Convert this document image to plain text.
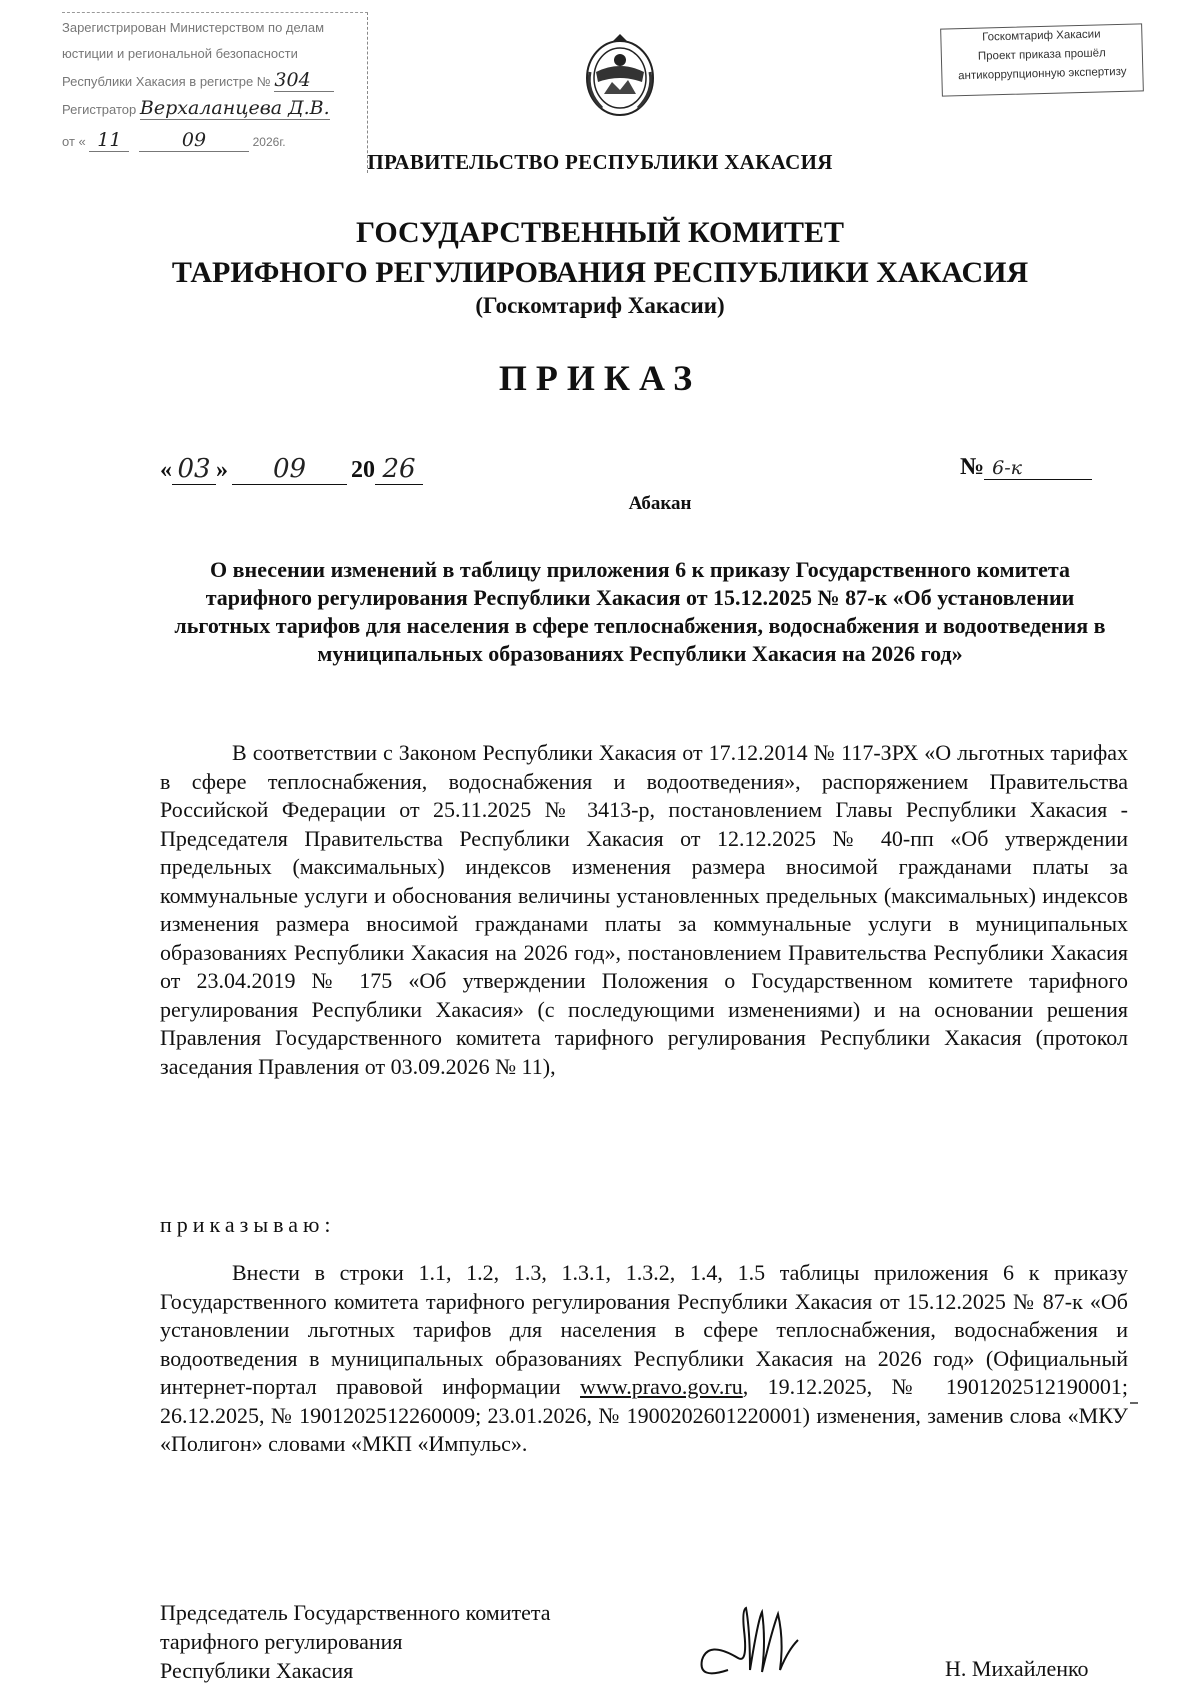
Зарегистрирован Министерством по делам
юстиции и региональной безопасности
Республики Хакасия в регистре № 304
Регистратор Верхаланцева Д.В.
от « 11	09	2026г.
Госкомтариф Хакасии
Проект приказа прошёл
антикоррупционную экспертизу
ПРАВИТЕЛЬСТВО РЕСПУБЛИКИ ХАКАСИЯ
ГОСУДАРСТВЕННЫЙ КОМИТЕТ
ТАРИФНОГО РЕГУЛИРОВАНИЯ РЕСПУБЛИКИ ХАКАСИЯ
(Госкомтариф Хакасии)
ПРИКАЗ
« 03 » 09 20 26	№ 6-к
Абакан
О внесении изменений в таблицу приложения 6 к приказу Государственного комитета тарифного регулирования Республики Хакасия от 15.12.2025 № 87-к «Об установлении льготных тарифов для населения в сфере теплоснабжения, водоснабжения и водоотведения в муниципальных образованиях Республики Хакасия на 2026 год»
В соответствии с Законом Республики Хакасия от 17.12.2014 № 117-ЗРХ «О льготных тарифах в сфере теплоснабжения, водоснабжения и водоотведения», распоряжением Правительства Российской Федерации от 25.11.2025 № 3413-р, постановлением Главы Республики Хакасия - Председателя Правительства Республики Хакасия от 12.12.2025 № 40-пп «Об утверждении предельных (максимальных) индексов изменения размера вносимой гражданами платы за коммунальные услуги и обоснования величины установленных предельных (максимальных) индексов изменения размера вносимой гражданами платы за коммунальные услуги в муниципальных образованиях Республики Хакасия на 2026 год», постановлением Правительства Республики Хакасия от 23.04.2019 № 175 «Об утверждении Положения о Государственном комитете тарифного регулирования Республики Хакасия» (с последующими изменениями) и на основании решения Правления Государственного комитета тарифного регулирования Республики Хакасия (протокол заседания Правления от 03.09.2026 № 11),
приказываю:
Внести в строки 1.1, 1.2, 1.3, 1.3.1, 1.3.2, 1.4, 1.5 таблицы приложения 6 к приказу Государственного комитета тарифного регулирования Республики Хакасия от 15.12.2025 № 87-к «Об установлении льготных тарифов для населения в сфере теплоснабжения, водоснабжения и водоотведения в муниципальных образованиях Республики Хакасия на 2026 год» (Официальный интернет-портал правовой информации www.pravo.gov.ru, 19.12.2025, № 1901202512190001; 26.12.2025, № 1901202512260009; 23.01.2026, № 1900202601220001) изменения, заменив слова «МКУ «Полигон» словами «МКП «Импульс».
Председатель Государственного комитета
тарифного регулирования
Республики Хакасия	Н. Михайленко
